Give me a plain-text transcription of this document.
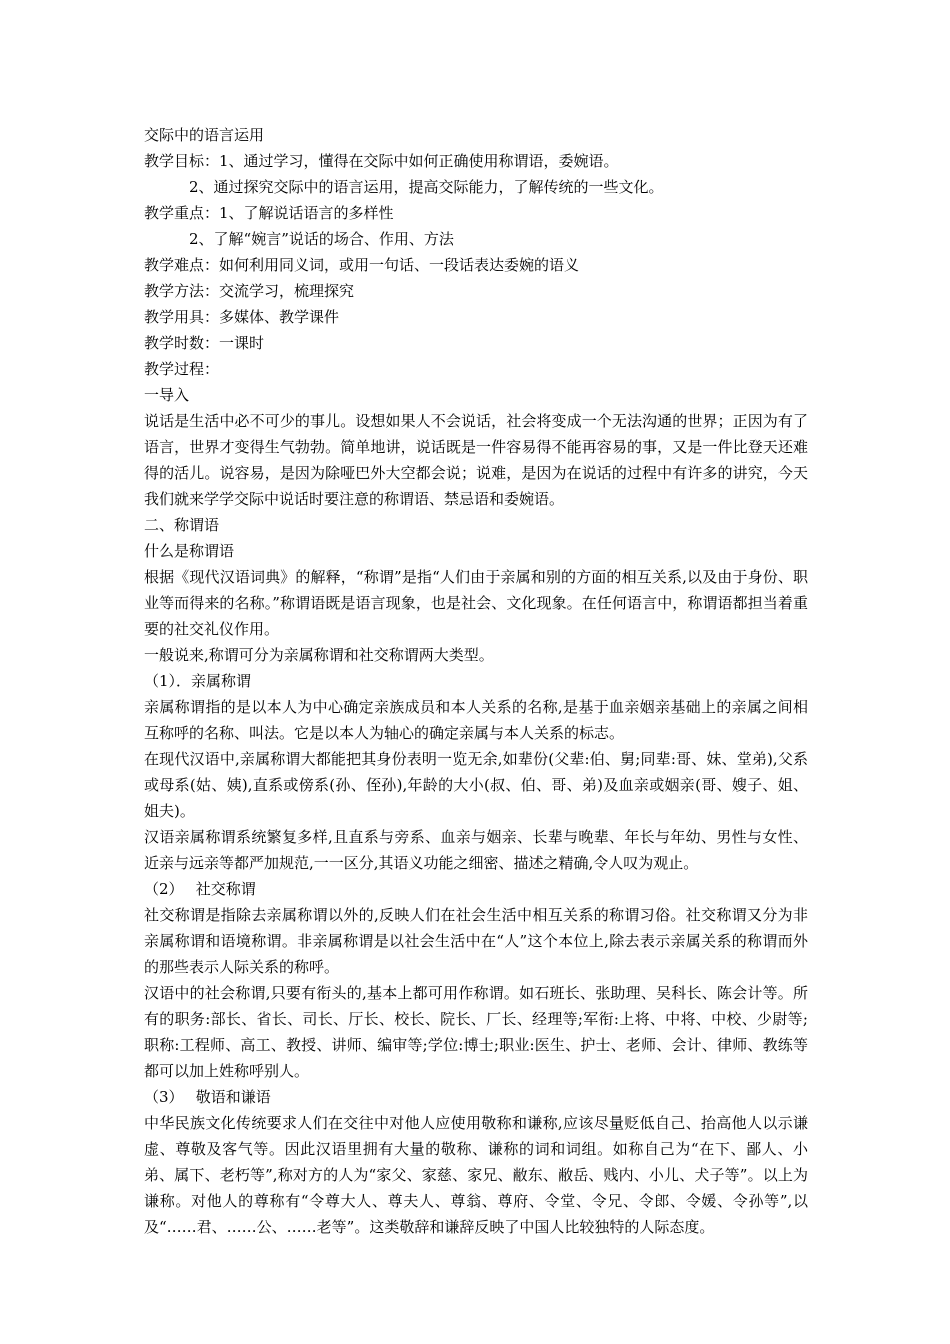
交际中的语言运用

教学目标：1、通过学习，懂得在交际中如何正确使用称谓语，委婉语。

2、通过探究交际中的语言运用，提高交际能力，了解传统的一些文化。

教学重点：1、了解说话语言的多样性

2、了解“婉言”说话的场合、作用、方法

教学难点：如何利用同义词，或用一句话、一段话表达委婉的语义

教学方法：交流学习，梳理探究

教学用具：多媒体、教学课件

教学时数：一课时

教学过程：

一导入

说话是生活中必不可少的事儿。设想如果人不会说话，社会将变成一个无法沟通的世界；正因为有了语言，世界才变得生气勃勃。简单地讲，说话既是一件容易得不能再容易的事，又是一件比登天还难得的活儿。说容易，是因为除哑巴外大空都会说；说难，是因为在说话的过程中有许多的讲究，今天我们就来学学交际中说话时要注意的称谓语、禁忌语和委婉语。

二、称谓语

什么是称谓语

根据《现代汉语词典》的解释，“称谓”是指“人们由于亲属和别的方面的相互关系,以及由于身份、职业等而得来的名称。”称谓语既是语言现象，也是社会、文化现象。在任何语言中，称谓语都担当着重要的社交礼仪作用。

一般说来,称谓可分为亲属称谓和社交称谓两大类型。

（1）．亲属称谓

亲属称谓指的是以本人为中心确定亲族成员和本人关系的名称,是基于血亲姻亲基础上的亲属之间相互称呼的名称、叫法。它是以本人为轴心的确定亲属与本人关系的标志。

在现代汉语中,亲属称谓大都能把其身份表明一览无余,如辈份(父辈:伯、舅;同辈:哥、妹、堂弟),父系或母系(姑、姨),直系或傍系(孙、侄孙),年龄的大小(叔、伯、哥、弟)及血亲或姻亲(哥、嫂子、姐、姐夫)。

汉语亲属称谓系统繁复多样,且直系与旁系、血亲与姻亲、长辈与晚辈、年长与年幼、男性与女性、近亲与远亲等都严加规范,一一区分,其语义功能之细密、描述之精确,令人叹为观止。

（2）　 社交称谓

社交称谓是指除去亲属称谓以外的,反映人们在社会生活中相互关系的称谓习俗。社交称谓又分为非亲属称谓和语境称谓。非亲属称谓是以社会生活中在“人”这个本位上,除去表示亲属关系的称谓而外的那些表示人际关系的称呼。

汉语中的社会称谓,只要有衔头的,基本上都可用作称谓。如石班长、张助理、吴科长、陈会计等。所有的职务:部长、省长、司长、厅长、校长、院长、厂长、经理等;军衔:上将、中将、中校、少尉等;职称:工程师、高工、教授、讲师、编审等;学位:博士;职业:医生、护士、老师、会计、律师、教练等都可以加上姓称呼别人。

（3）　 敬语和谦语

中华民族文化传统要求人们在交往中对他人应使用敬称和谦称,应该尽量贬低自己、抬高他人以示谦虚、尊敬及客气等。因此汉语里拥有大量的敬称、谦称的词和词组。如称自己为“在下、鄙人、小弟、属下、老朽等”,称对方的人为“家父、家慈、家兄、敝东、敝岳、贱内、小儿、犬子等”。以上为谦称。对他人的尊称有“令尊大人、尊夫人、尊翁、尊府、令堂、令兄、令郎、令媛、令孙等”,以及“……君、……公、……老等”。这类敬辞和谦辞反映了中国人比较独特的人际态度。
